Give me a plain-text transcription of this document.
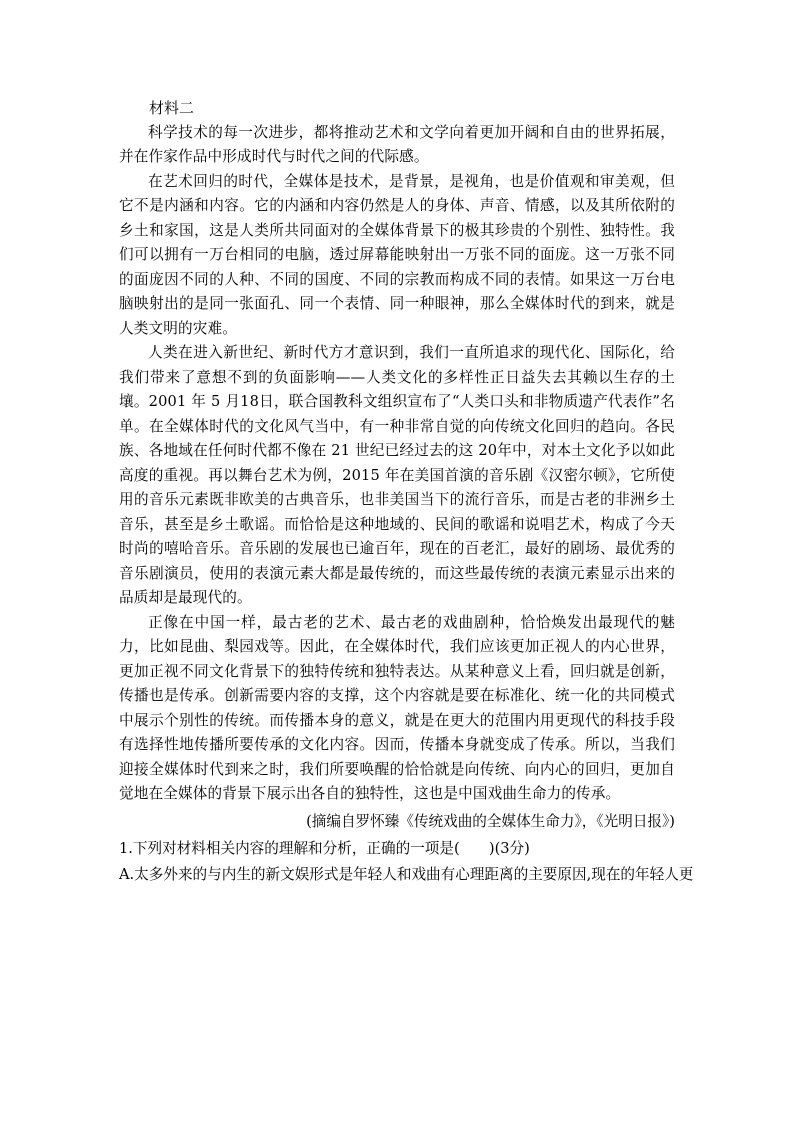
材料二

科学技术的每一次进步，都将推动艺术和文学向着更加开阔和自由的世界拓展，并在作家作品中形成时代与时代之间的代际感。

在艺术回归的时代，全媒体是技术，是背景，是视角，也是价值观和审美观，但它不是内涵和内容。它的内涵和内容仍然是人的身体、声音、情感，以及其所依附的乡土和家国，这是人类所共同面对的全媒体背景下的极其珍贵的个别性、独特性。我们可以拥有一万台相同的电脑，透过屏幕能映射出一万张不同的面庞。这一万张不同的面庞因不同的人种、不同的国度、不同的宗教而构成不同的表情。如果这一万台电脑映射出的是同一张面孔、同一个表情、同一种眼神，那么全媒体时代的到来，就是人类文明的灾难。

人类在进入新世纪、新时代方才意识到，我们一直所追求的现代化、国际化，给我们带来了意想不到的负面影响——人类文化的多样性正日益失去其赖以生存的土壤。2001 年 5 月18日，联合国教科文组织宣布了“人类口头和非物质遗产代表作”名单。在全媒体时代的文化风气当中，有一种非常自觉的向传统文化回归的趋向。各民族、各地域在任何时代都不像在 21 世纪已经过去的这 20年中，对本土文化予以如此高度的重视。再以舞台艺术为例，2015 年在美国首演的音乐剧《汉密尔顿》，它所使用的音乐元素既非欧美的古典音乐，也非美国当下的流行音乐，而是古老的非洲乡土音乐，甚至是乡土歌谣。而恰恰是这种地域的、民间的歌谣和说唱艺术，构成了今天时尚的嘻哈音乐。音乐剧的发展也已逾百年，现在的百老汇，最好的剧场、最优秀的音乐剧演员，使用的表演元素大都是最传统的，而这些最传统的表演元素显示出来的品质却是最现代的。

正像在中国一样，最古老的艺术、最古老的戏曲剧种，恰恰焕发出最现代的魅力，比如昆曲、梨园戏等。因此，在全媒体时代，我们应该更加正视人的内心世界，更加正视不同文化背景下的独特传统和独特表达。从某种意义上看，回归就是创新，传播也是传承。创新需要内容的支撑，这个内容就是要在标准化、统一化的共同模式中展示个别性的传统。而传播本身的意义，就是在更大的范围内用更现代的科技手段有选择性地传播所要传承的文化内容。因而，传播本身就变成了传承。所以，当我们迎接全媒体时代到来之时，我们所要唤醒的恰恰就是向传统、向内心的回归，更加自觉地在全媒体的背景下展示出各自的独特性，这也是中国戏曲生命力的传承。

(摘编自罗怀臻《传统戏曲的全媒体生命力》，《光明日报》)

1.下列对材料相关内容的理解和分析，正确的一项是(　　)(3分)

A.太多外来的与内生的新文娱形式是年轻人和戏曲有心理距离的主要原因,现在的年轻人更
